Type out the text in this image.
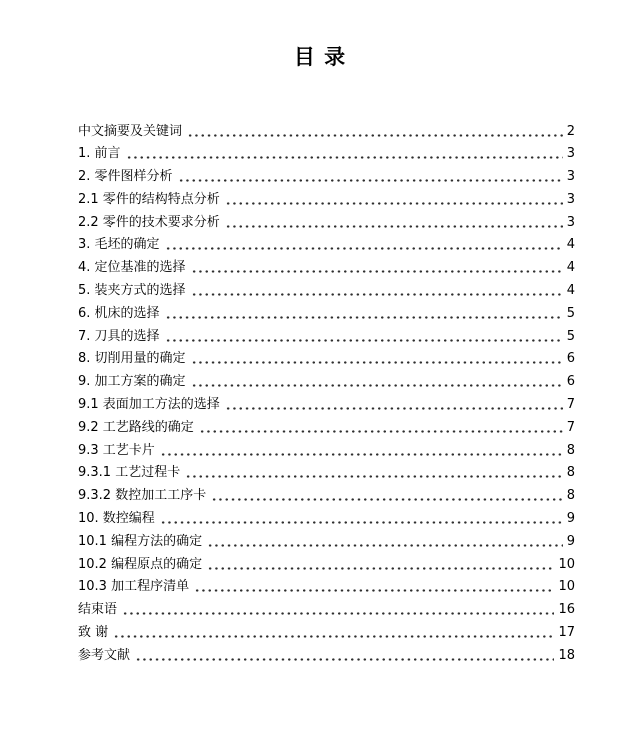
目 录
中文摘要及关键词	2
1. 前言	3
2. 零件图样分析	3
2.1 零件的结构特点分析	3
2.2 零件的技术要求分析	3
3. 毛坯的确定	4
4. 定位基准的选择	4
5. 装夹方式的选择	4
6. 机床的选择	5
7. 刀具的选择	5
8. 切削用量的确定	6
9. 加工方案的确定	6
9.1 表面加工方法的选择	7
9.2 工艺路线的确定	7
9.3 工艺卡片	8
9.3.1 工艺过程卡	8
9.3.2 数控加工工序卡	8
10. 数控编程	9
10.1 编程方法的确定	9
10.2 编程原点的确定	10
10.3 加工程序清单	10
结束语	16
致 谢	17
参考文献	18
